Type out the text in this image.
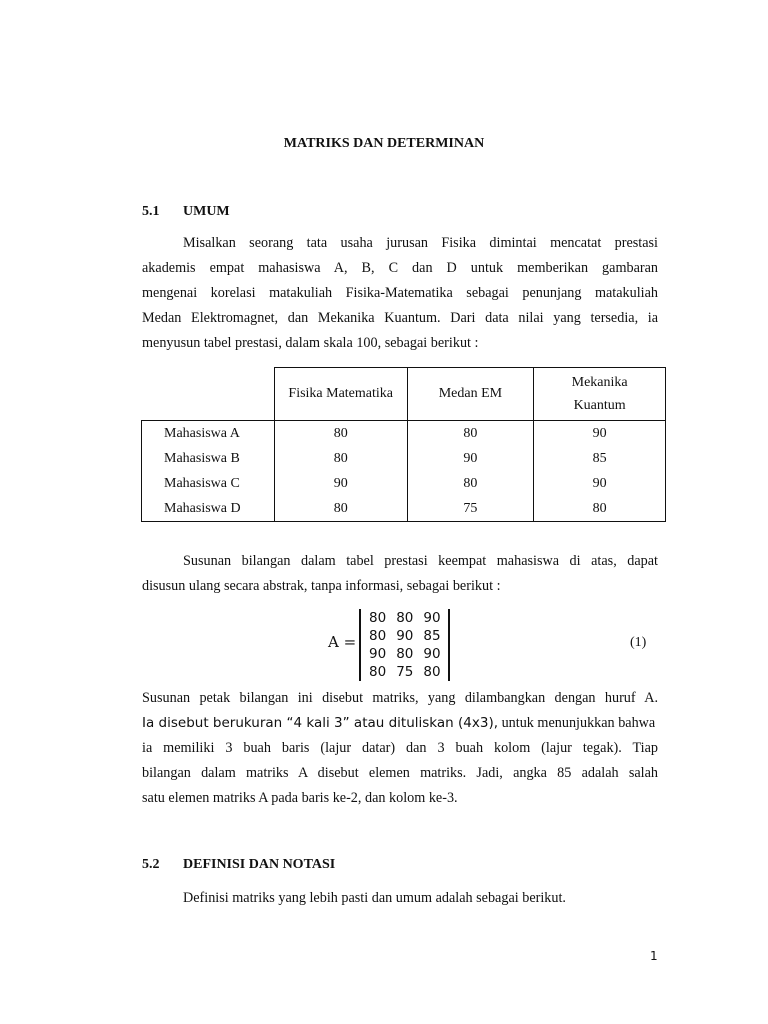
MATRIKS DAN DETERMINAN
5.1 UMUM
Misalkan seorang tata usaha jurusan Fisika dimintai mencatat prestasi
akademis empat mahasiswa A, B, C dan D untuk memberikan gambaran
mengenai korelasi matakuliah Fisika-Matematika sebagai penunjang matakuliah
Medan Elektromagnet, dan Mekanika Kuantum. Dari data nilai yang tersedia, ia
menyusun tabel prestasi, dalam skala 100, sebagai berikut :
	Fisika Matematika	Medan EM	Mekanika
Kuantum

Mahasiswa A	80	80	90
Mahasiswa B	80	90	85
Mahasiswa C	90	80	90
Mahasiswa D	80	75	80
Susunan bilangan dalam tabel prestasi keempat mahasiswa di atas, dapat
disusun ulang secara abstrak, tanpa informasi, sebagai berikut :
A =
80	80	90
80	90	85
90	80	90
80	75	80
(1)
Susunan petak bilangan ini disebut matriks, yang dilambangkan dengan huruf A.
Ia disebut berukuran “4 kali 3” atau dituliskan (4x3), untuk menunjukkan bahwa
ia memiliki 3 buah baris (lajur datar) dan 3 buah kolom (lajur tegak). Tiap
bilangan dalam matriks A disebut elemen matriks. Jadi, angka 85 adalah salah
satu elemen matriks A pada baris ke-2, dan kolom ke-3.
5.2 DEFINISI DAN NOTASI
Definisi matriks yang lebih pasti dan umum adalah sebagai berikut.
1
